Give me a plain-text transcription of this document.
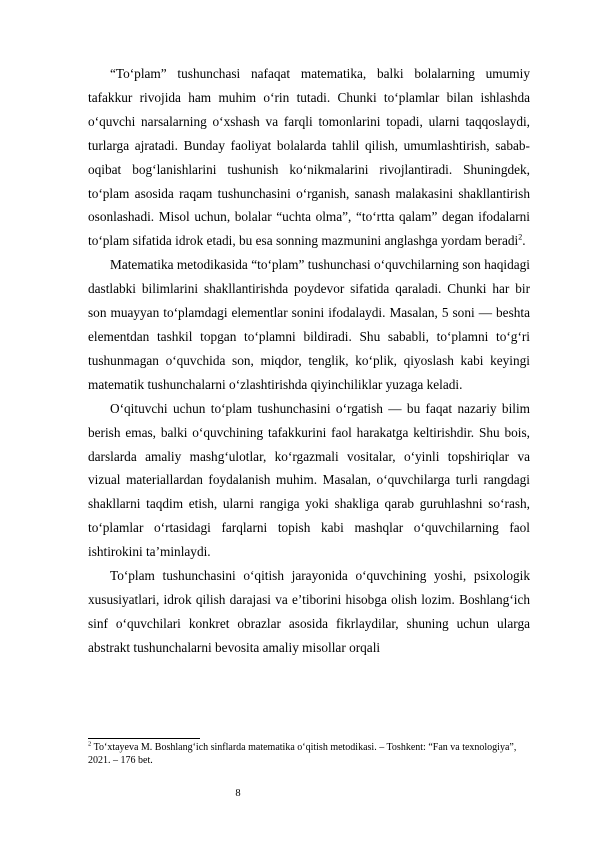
“To‘plam” tushunchasi nafaqat matematika, balki bolalarning umumiy tafakkur rivojida ham muhim o‘rin tutadi. Chunki to‘plamlar bilan ishlashda o‘quvchi narsalarning o‘xshash va farqli tomonlarini topadi, ularni taqqoslaydi, turlarga ajratadi. Bunday faoliyat bolalarda tahlil qilish, umumlashtirish, sabab-oqibat bog‘lanishlarini tushunish ko‘nikmalarini rivojlantiradi. Shuningdek, to‘plam asosida raqam tushunchasini o‘rganish, sanash malakasini shakllantirish osonlashadi. Misol uchun, bolalar “uchta olma”, “to‘rtta qalam” degan ifodalarni to‘plam sifatida idrok etadi, bu esa sonning mazmunini anglashga yordam beradi$^2$.

Matematika metodikasida “to‘plam” tushunchasi o‘quvchilarning son haqidagi dastlabki bilimlarini shakllantirishda poydevor sifatida qaraladi. Chunki har bir son muayyan to‘plamdagi elementlar sonini ifodalaydi. Masalan, 5 soni — beshta elementdan tashkil topgan to‘plamni bildiradi. Shu sababli, to‘plamni to‘g‘ri tushunmagan o‘quvchida son, miqdor, tenglik, ko‘plik, qiyoslash kabi keyingi matematik tushunchalarni o‘zlashtirishda qiyinchiliklar yuzaga keladi.

O‘qituvchi uchun to‘plam tushunchasini o‘rgatish — bu faqat nazariy bilim berish emas, balki o‘quvchining tafakkurini faol harakatga keltirishdir. Shu bois, darslarda amaliy mashg‘ulotlar, ko‘rgazmali vositalar, o‘yinli topshiriqlar va vizual materiallardan foydalanish muhim. Masalan, o‘quvchilarga turli rangdagi shakllarni taqdim etish, ularni rangiga yoki shakliga qarab guruhlashni so‘rash, to‘plamlar o‘rtasidagi farqlarni topish kabi mashqlar o‘quvchilarning faol ishtirokini ta’minlaydi.

To‘plam tushunchasini o‘qitish jarayonida o‘quvchining yoshi, psixologik xususiyatlari, idrok qilish darajasi va e’tiborini hisobga olish lozim. Boshlang‘ich sinf o‘quvchilari konkret obrazlar asosida fikrlaydilar, shuning uchun ularga abstrakt tushunchalarni bevosita amaliy misollar orqali

$^2$ To‘xtayeva M. Boshlang‘ich sinflarda matematika o‘qitish metodikasi. – Toshkent: “Fan va texnologiya”, 2021. – 176 bet.

8
